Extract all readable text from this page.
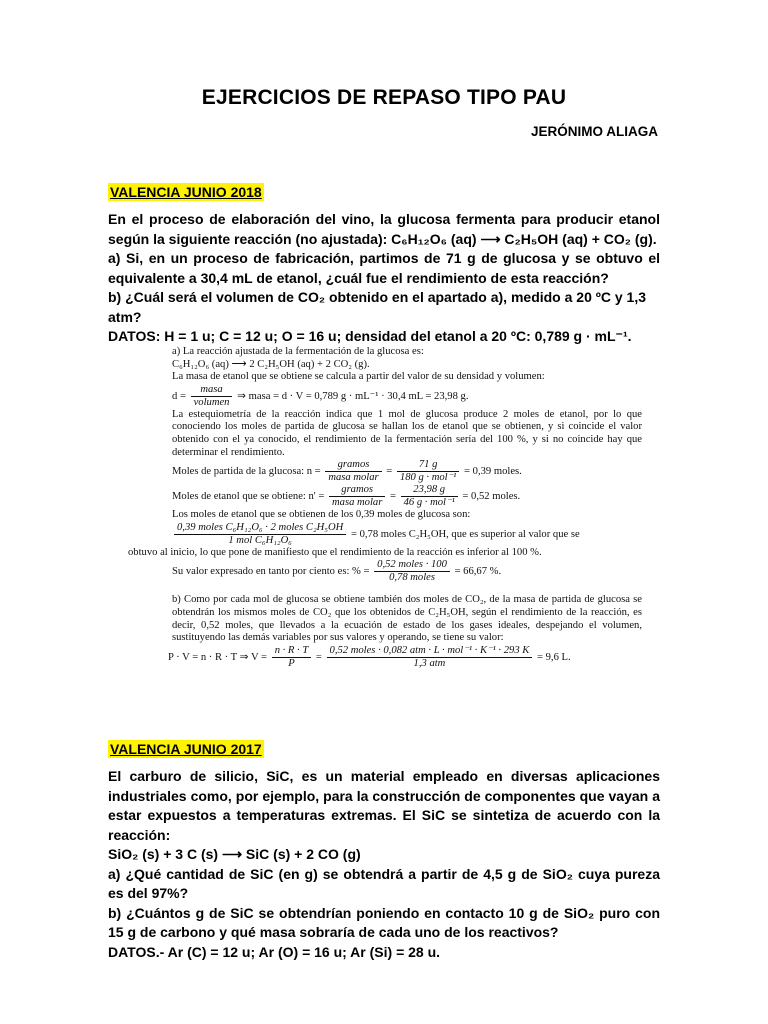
EJERCICIOS DE REPASO TIPO PAU
JERÓNIMO ALIAGA
VALENCIA JUNIO 2018

En el proceso de elaboración del vino, la glucosa fermenta para producir etanol según la siguiente reacción (no ajustada): C₆H₁₂O₆ (aq) ⟶ C₂H₅OH (aq) + CO₂ (g).

a) Si, en un proceso de fabricación, partimos de 71 g de glucosa y se obtuvo el equivalente a 30,4 mL de etanol, ¿cuál fue el rendimiento de esta reacción?

b) ¿Cuál será el volumen de CO₂ obtenido en el apartado a), medido a 20 ºC y 1,3 atm?

DATOS: H = 1 u; C = 12 u; O = 16 u; densidad del etanol a 20 ºC: 0,789 g · mL⁻¹.

a) La reacción ajustada de la fermentación de la glucosa es:

C₆H₁₂O₆ (aq) ⟶ 2 C₂H₅OH (aq) + 2 CO₂ (g).

La masa de etanol que se obtiene se calcula a partir del valor de su densidad y volumen:

$d = \frac{\text{masa}}{\text{volumen}}$ ⇒ masa = d · V = 0,789 g · mL⁻¹ · 30,4 mL = 23,98 g.

La estequiometría de la reacción indica que 1 mol de glucosa produce 2 moles de etanol, por lo que conociendo los moles de partida de glucosa se hallan los de etanol que se obtienen, y si coincide el valor obtenido con el ya conocido, el rendimiento de la fermentación sería del 100 %, y si no coincide hay que determinar el rendimiento.

Moles de partida de la glucosa: $n = \frac{\text{gramos}}{\text{masa molar}} = \frac{71 g}{\text{180 g · mol⁻¹}} = 0,39$ moles.

Moles de etanol que se obtiene: $n' = \frac{\text{gramos}}{\text{masa molar}} = \frac{23,98 g}{\text{46 g · mol⁻¹}} = 0,52$ moles.

Los moles de etanol que se obtienen de los 0,39 moles de glucosa son:

$\frac{\text{0,39 moles C₆H₁₂O₆ · 2 moles C₂H₅OH}}{\text{1 mol C₆H₁₂O₆}} = 0,78$ moles C₂H₅OH, que es superior al valor que se

obtuvo al inicio, lo que pone de manifiesto que el rendimiento de la reacción es inferior al 100 %.

Su valor expresado en tanto por ciento es: % = $\frac{\text{0,52 moles · 100}}{\text{0,78 moles}} = 66,67$ %.

b) Como por cada mol de glucosa se obtiene también dos moles de CO₂, de la masa de partida de glucosa se obtendrán los mismos moles de CO₂ que los obtenidos de C₂H₅OH, según el rendimiento de la reacción, es decir, 0,52 moles, que llevados a la ecuación de estado de los gases ideales, despejando el volumen, sustituyendo las demás variables por sus valores y operando, se tiene su valor:

P · V = n · R · T ⇒ $V = \frac{n \cdot R \cdot T}{P} = \frac{\text{0,52 moles · 0,082 atm · L · mol⁻¹ · K⁻¹ · 293 K}}{\text{1,3 atm}} = 9,6$ L.

VALENCIA JUNIO 2017

El carburo de silicio, SiC, es un material empleado en diversas aplicaciones industriales como, por ejemplo, para la construcción de componentes que vayan a estar expuestos a temperaturas extremas. El SiC se sintetiza de acuerdo con la reacción:

SiO₂ (s) + 3 C (s) ⟶ SiC (s) + 2 CO (g)

a) ¿Qué cantidad de SiC (en g) se obtendrá a partir de 4,5 g de SiO₂ cuya pureza es del 97%?

b) ¿Cuántos g de SiC se obtendrían poniendo en contacto 10 g de SiO₂ puro con 15 g de carbono y qué masa sobraría de cada uno de los reactivos?

DATOS.- Ar (C) = 12 u; Ar (O) = 16 u; Ar (Si) = 28 u.
